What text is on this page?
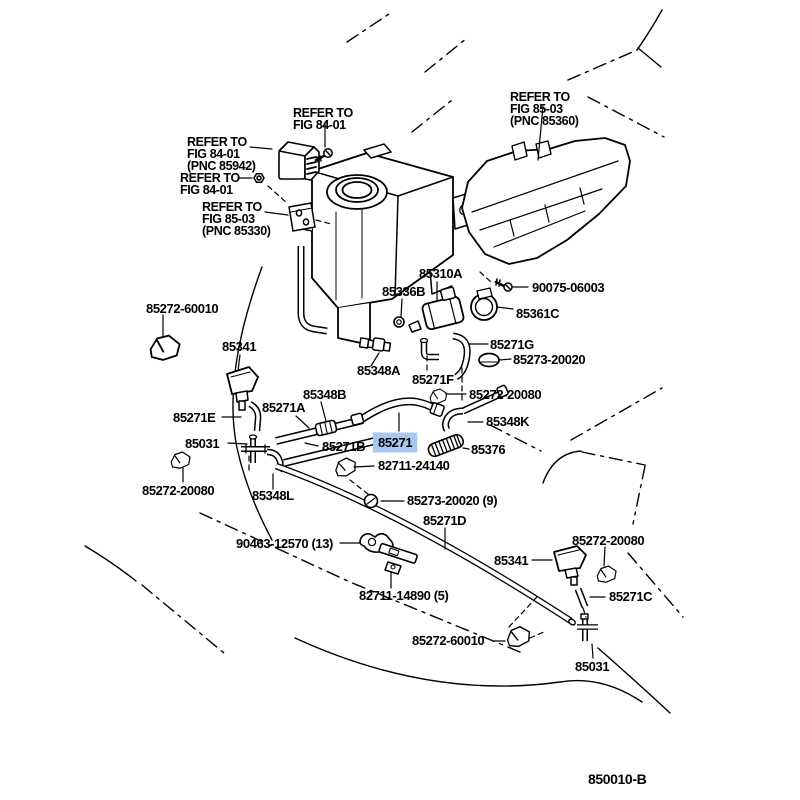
REFER TO FIG 84-01
REFER TO FIG 84-01 (PNC 85942)
REFER TO FIG 84-01
REFER TO FIG 85-03 (PNC 85330)
REFER TO FIG 85-03 (PNC 85360)
85310A
85336B	90075-06003
85361C
85271G
85273-20020
85348A
85271F
85272-60010
85341
85348B
85271A
85272-20080
85271E	85348K
85031	85271B 85271	85376
85272-20080
82711-24140
85348L	85273-20020 (9)
85271D
90463-12570 (13)
85341
85272-20080
82711-14890 (5)	85271C
85272-60010
85031
850010-B
